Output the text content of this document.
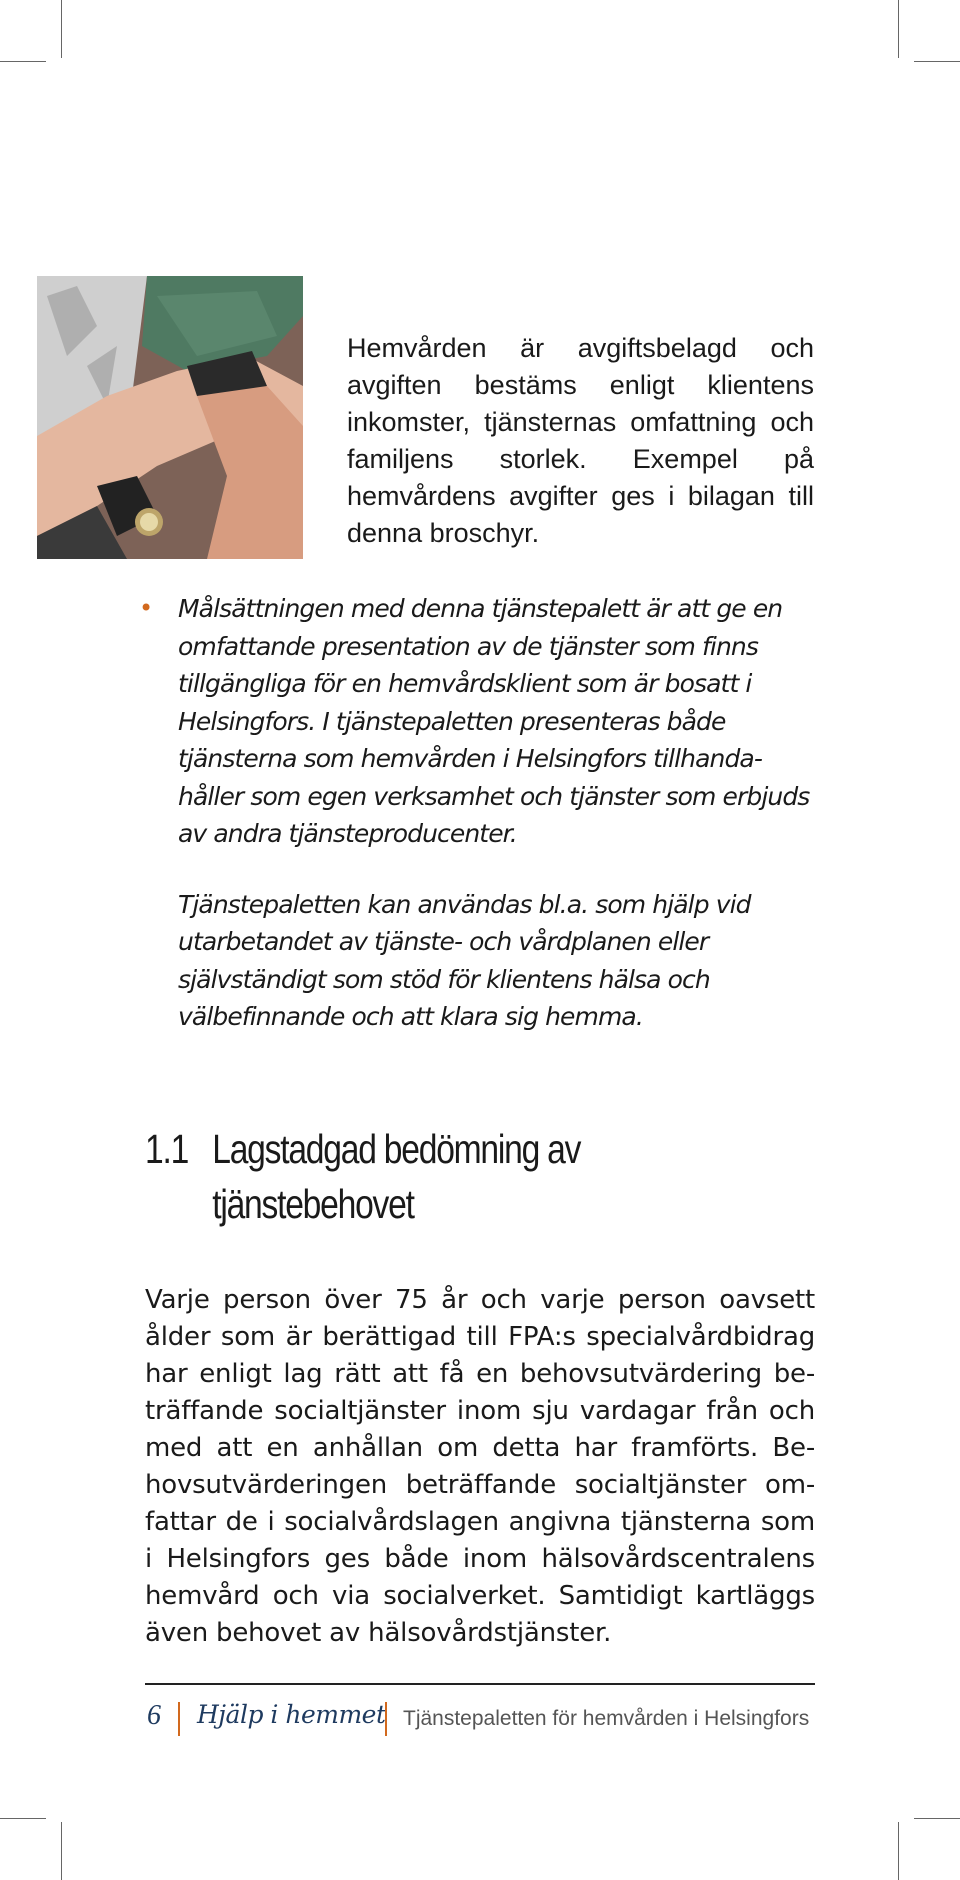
Hemvården är avgiftsbelagd och avgiften bestäms enligt klientens inkomster, tjänsternas omfattning och familjens storlek. Exempel på hemvårdens avgifter ges i bilagan till denna broschyr.

• Målsättningen med denna tjänstepalett är att ge en omfattande presentation av de tjänster som finns tillgängliga för en hemvårdsklient som är bosatt i Helsingfors. I tjänstepaletten presenteras både tjänsterna som hemvården i Helsingfors tillhanda-håller som egen verksamhet och tjänster som erbjuds av andra tjänsteproducenter.

Tjänstepaletten kan användas bl.a. som hjälp vid utarbetandet av tjänste- och vårdplanen eller självständigt som stöd för klientens hälsa och välbefinnande och att klara sig hemma.

1.1 Lagstadgad bedömning av tjänstebehovet

Varje person över 75 år och varje person oavsett ålder som är berättigad till FPA:s specialvårdbidrag har enligt lag rätt att få en behovsutvärdering be-träffande socialtjänster inom sju vardagar från och med att en anhållan om detta har framförts. Be-hovsutvärderingen beträffande socialtjänster om-fattar de i socialvårdslagen angivna tjänsterna som i Helsingfors ges både inom hälsovårdscentralens hemvård och via socialverket. Samtidigt kartläggs även behovet av hälsovårdstjänster.

6 Hjälp i hemmet Tjänstepaletten för hemvården i Helsingfors
